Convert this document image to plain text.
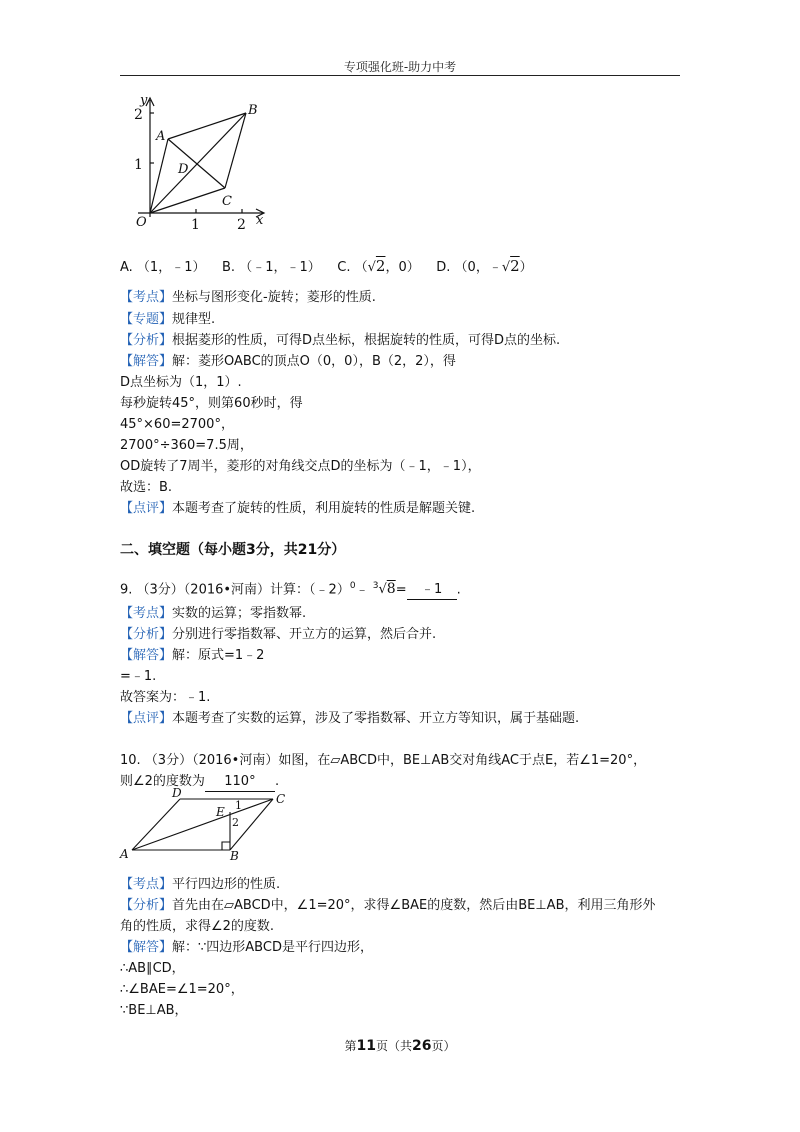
专项强化班-助力中考
y
x
A
B
C
D
O
2
1
1	2
A. （1，﹣1） B. （﹣1，﹣1） C. （√2，0） D. （0，﹣√2）
【考点】坐标与图形变化-旋转；菱形的性质.
【专题】规律型.
【分析】根据菱形的性质，可得D点坐标，根据旋转的性质，可得D点的坐标.
【解答】解：菱形OABC的顶点O（0，0），B（2，2），得
D点坐标为（1，1）.
每秒旋转45°，则第60秒时，得
45°×60=2700°，
2700°÷360=7.5周，
OD旋转了7周半，菱形的对角线交点D的坐标为（﹣1，﹣1），
故选：B.
【点评】本题考查了旋转的性质，利用旋转的性质是解题关键.
二、填空题（每小题3分，共21分）
9. （3分）（2016•河南）计算：（﹣2）$^0$﹣ $^3$√8= ﹣1 .
【考点】实数的运算；零指数幂.
【分析】分别进行零指数幂、开立方的运算，然后合并.
【解答】解：原式=1﹣2
=﹣1.
故答案为：﹣1.
【点评】本题考查了实数的运算，涉及了零指数幂、开立方等知识，属于基础题.
10. （3分）（2016•河南）如图，在▱ABCD中，BE⊥AB交对角线AC于点E，若∠1=20°，
则∠2的度数为 110° .
A	B
C
D
E 1
2
【考点】平行四边形的性质.
【分析】首先由在▱ABCD中，∠1=20°，求得∠BAE的度数，然后由BE⊥AB，利用三角形外
角的性质，求得∠2的度数.
【解答】解：∵四边形ABCD是平行四边形，
∴AB∥CD，
∴∠BAE=∠1=20°，
∵BE⊥AB，
第11页（共26页）
